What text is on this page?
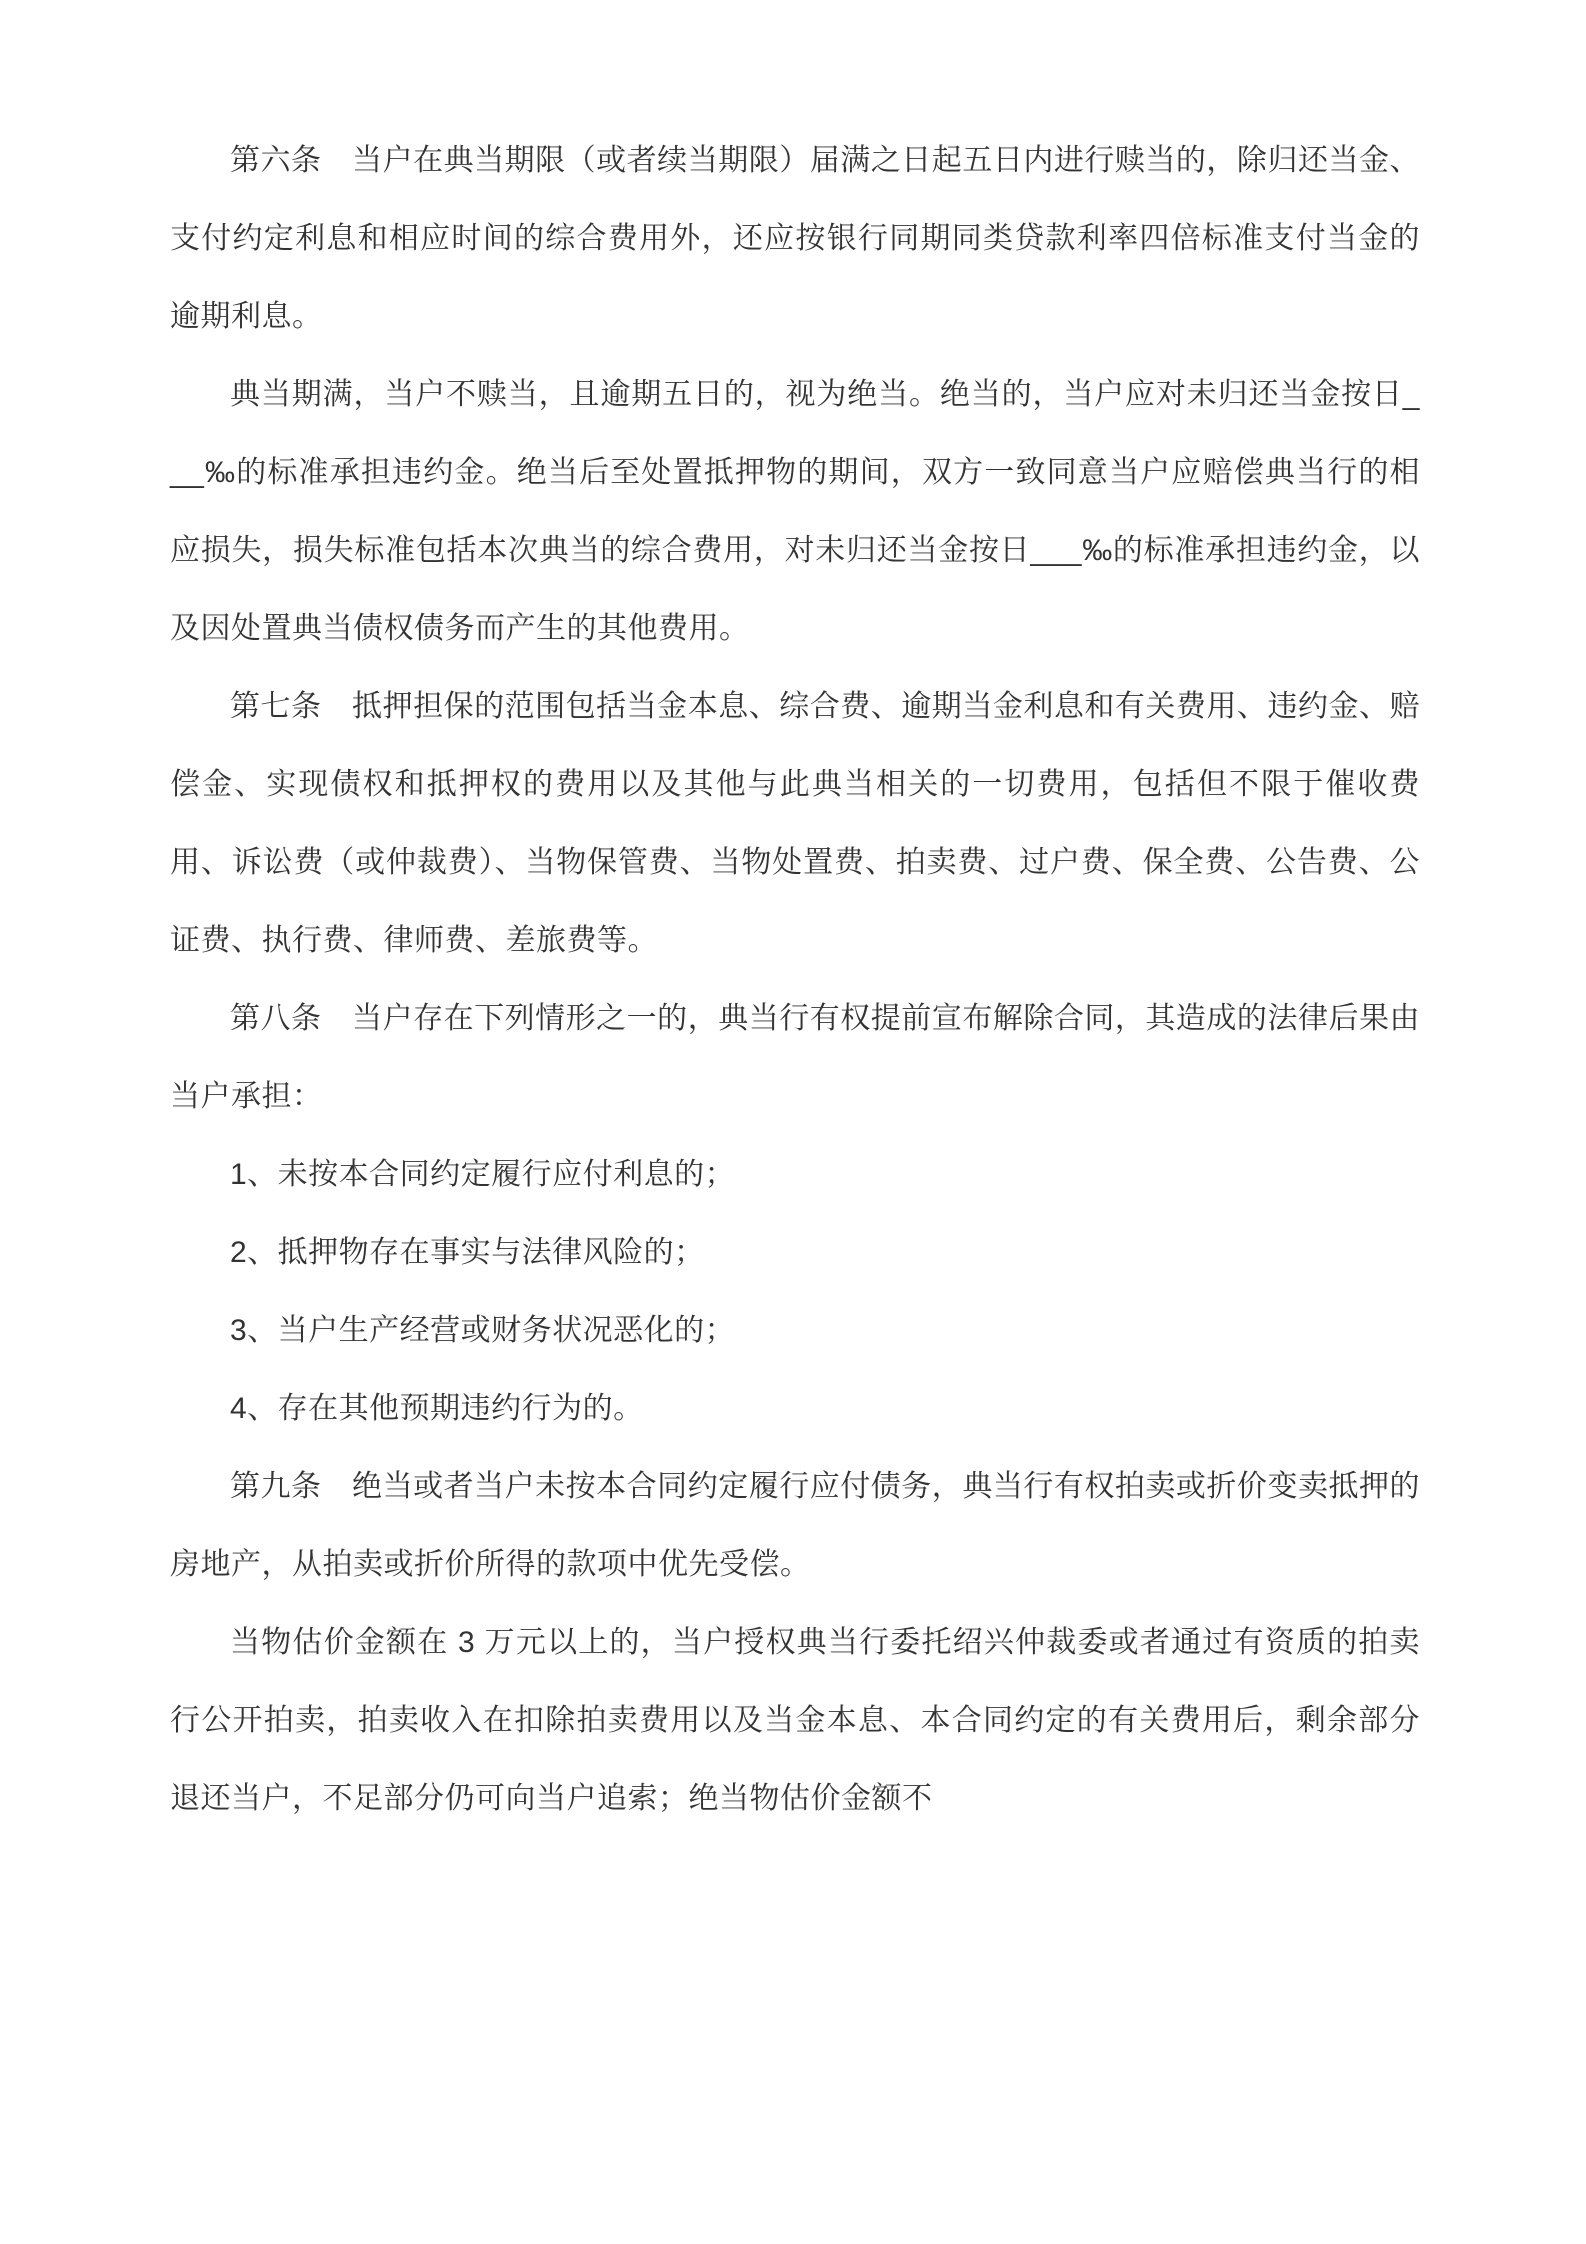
第六条　当户在典当期限（或者续当期限）届满之日起五日内进行赎当的，除归还当金、支付约定利息和相应时间的综合费用外，还应按银行同期同类贷款利率四倍标准支付当金的逾期利息。

典当期满，当户不赎当，且逾期五日的，视为绝当。绝当的，当户应对未归还当金按日___‰的标准承担违约金。绝当后至处置抵押物的期间，双方一致同意当户应赔偿典当行的相应损失，损失标准包括本次典当的综合费用，对未归还当金按日___‰的标准承担违约金，以及因处置典当债权债务而产生的其他费用。

第七条　抵押担保的范围包括当金本息、综合费、逾期当金利息和有关费用、违约金、赔偿金、实现债权和抵押权的费用以及其他与此典当相关的一切费用，包括但不限于催收费用、诉讼费（或仲裁费）、当物保管费、当物处置费、拍卖费、过户费、保全费、公告费、公证费、执行费、律师费、差旅费等。

第八条　当户存在下列情形之一的，典当行有权提前宣布解除合同，其造成的法律后果由当户承担：

1、未按本合同约定履行应付利息的；

2、抵押物存在事实与法律风险的；

3、当户生产经营或财务状况恶化的；

4、存在其他预期违约行为的。

第九条　绝当或者当户未按本合同约定履行应付债务，典当行有权拍卖或折价变卖抵押的房地产，从拍卖或折价所得的款项中优先受偿。

当物估价金额在 3 万元以上的，当户授权典当行委托绍兴仲裁委或者通过有资质的拍卖行公开拍卖，拍卖收入在扣除拍卖费用以及当金本息、本合同约定的有关费用后，剩余部分退还当户，不足部分仍可向当户追索；绝当物估价金额不
